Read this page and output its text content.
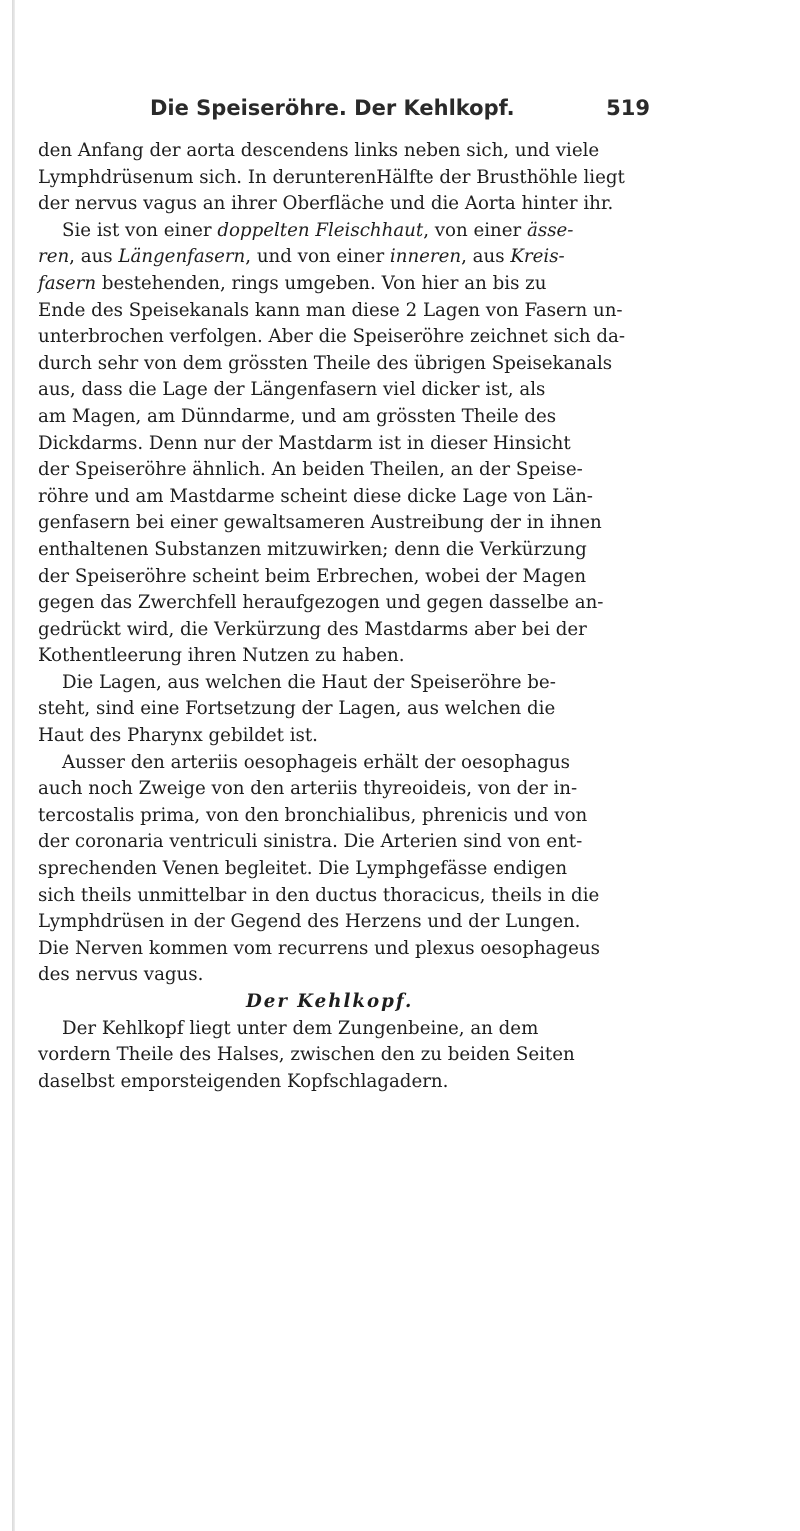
Die Speiseröhre. Der Kehlkopf.	519
den Anfang der aorta descendens links neben sich, und viele
Lymphdrüsenum sich. In derunterenHälfte der Brusthöhle liegt
der nervus vagus an ihrer Oberfläche und die Aorta hinter ihr.
Sie ist von einer doppelten Fleischhaut, von einer ässe-
ren, aus Längenfasern, und von einer inneren, aus Kreis-
fasern bestehenden, rings umgeben. Von hier an bis zu
Ende des Speisekanals kann man diese 2 Lagen von Fasern un-
unterbrochen verfolgen. Aber die Speiseröhre zeichnet sich da-
durch sehr von dem grössten Theile des übrigen Speisekanals
aus, dass die Lage der Längenfasern viel dicker ist, als
am Magen, am Dünndarme, und am grössten Theile des
Dickdarms. Denn nur der Mastdarm ist in dieser Hinsicht
der Speiseröhre ähnlich. An beiden Theilen, an der Speise-
röhre und am Mastdarme scheint diese dicke Lage von Län-
genfasern bei einer gewaltsameren Austreibung der in ihnen
enthaltenen Substanzen mitzuwirken; denn die Verkürzung
der Speiseröhre scheint beim Erbrechen, wobei der Magen
gegen das Zwerchfell heraufgezogen und gegen dasselbe an-
gedrückt wird, die Verkürzung des Mastdarms aber bei der
Kothentleerung ihren Nutzen zu haben.
Die Lagen, aus welchen die Haut der Speiseröhre be-
steht, sind eine Fortsetzung der Lagen, aus welchen die
Haut des Pharynx gebildet ist.
Ausser den arteriis oesophageis erhält der oesophagus
auch noch Zweige von den arteriis thyreoideis, von der in-
tercostalis prima, von den bronchialibus, phrenicis und von
der coronaria ventriculi sinistra. Die Arterien sind von ent-
sprechenden Venen begleitet. Die Lymphgefässe endigen
sich theils unmittelbar in den ductus thoracicus, theils in die
Lymphdrüsen in der Gegend des Herzens und der Lungen.
Die Nerven kommen vom recurrens und plexus oesophageus
des nervus vagus.
Der Kehlkopf.
Der Kehlkopf liegt unter dem Zungenbeine, an dem
vordern Theile des Halses, zwischen den zu beiden Seiten
daselbst emporsteigenden Kopfschlagadern.
